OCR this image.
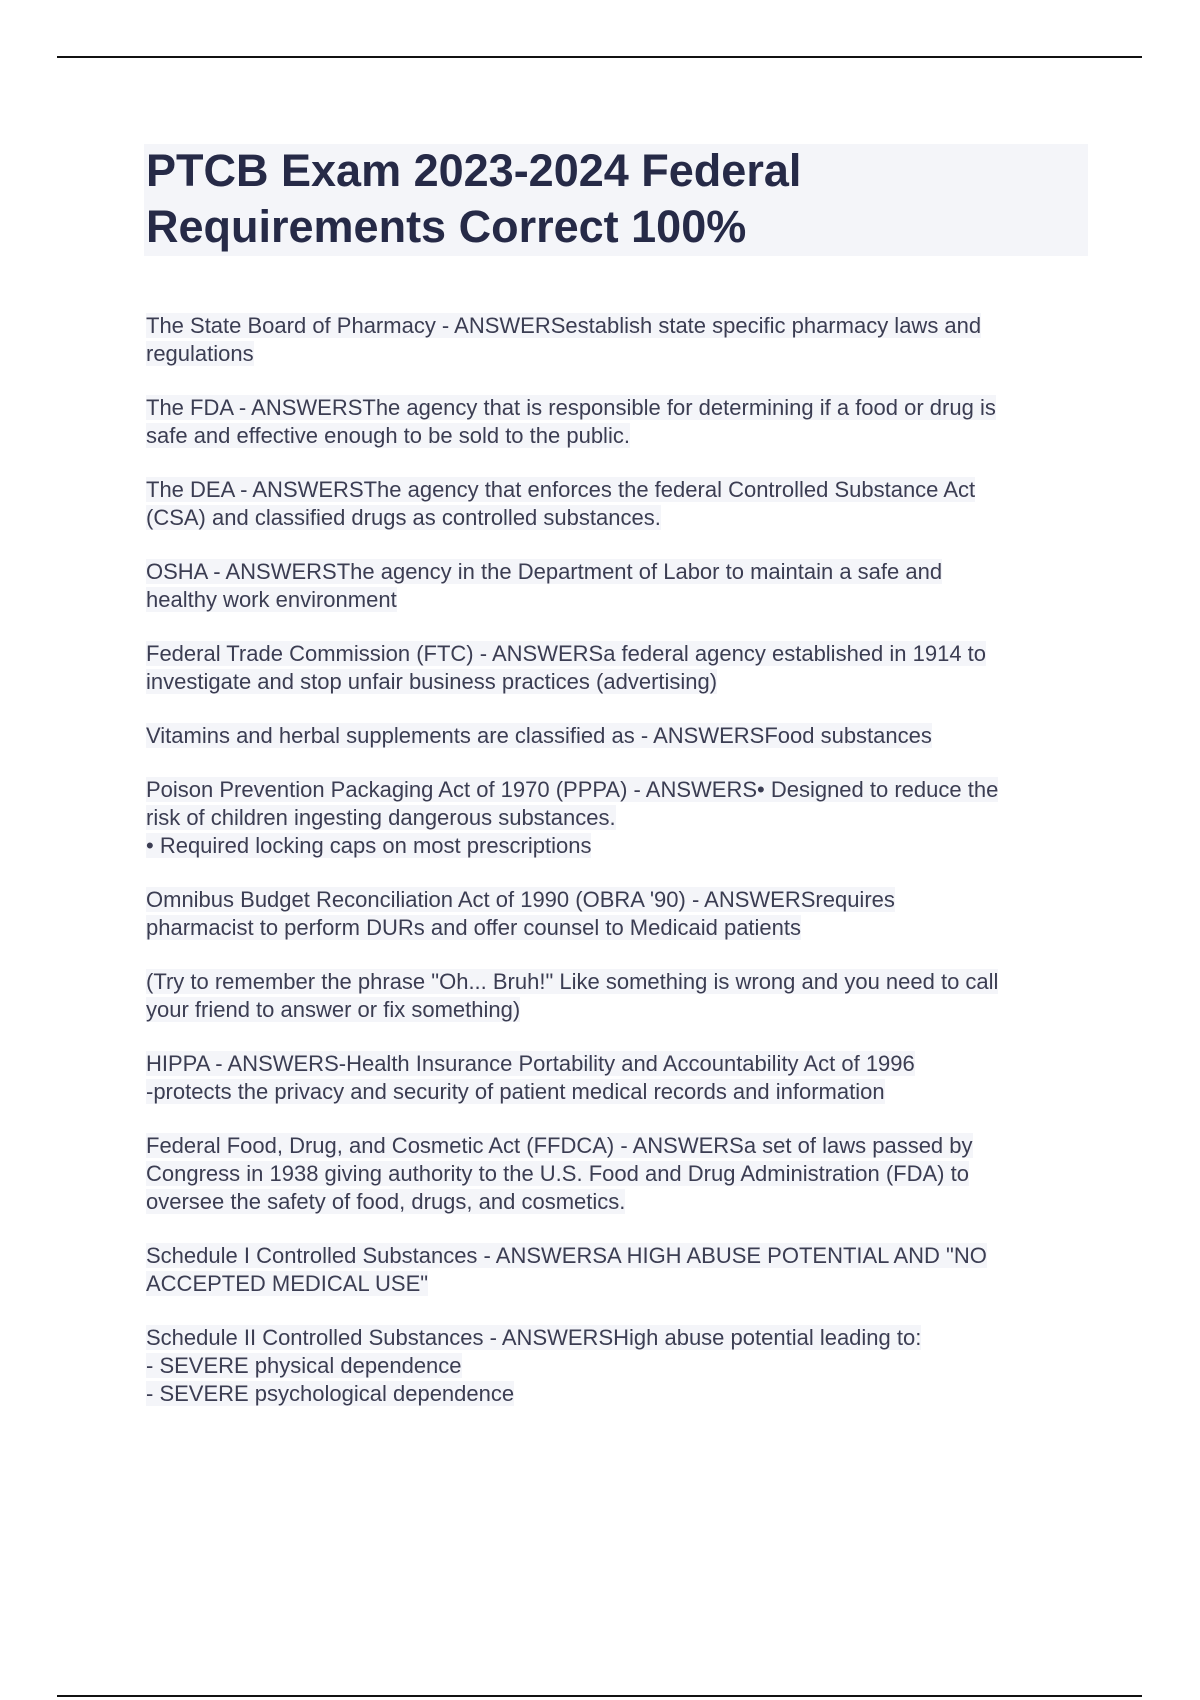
PTCB Exam 2023-2024 Federal
Requirements Correct 100%
The State Board of Pharmacy - ANSWERSestablish state specific pharmacy laws and
regulations
The FDA - ANSWERSThe agency that is responsible for determining if a food or drug is
safe and effective enough to be sold to the public.
The DEA - ANSWERSThe agency that enforces the federal Controlled Substance Act
(CSA) and classified drugs as controlled substances.
OSHA - ANSWERSThe agency in the Department of Labor to maintain a safe and
healthy work environment
Federal Trade Commission (FTC) - ANSWERSa federal agency established in 1914 to
investigate and stop unfair business practices (advertising)
Vitamins and herbal supplements are classified as - ANSWERSFood substances
Poison Prevention Packaging Act of 1970 (PPPA) - ANSWERS• Designed to reduce the
risk of children ingesting dangerous substances.
• Required locking caps on most prescriptions
Omnibus Budget Reconciliation Act of 1990 (OBRA '90) - ANSWERSrequires
pharmacist to perform DURs and offer counsel to Medicaid patients
(Try to remember the phrase "Oh... Bruh!" Like something is wrong and you need to call
your friend to answer or fix something)
HIPPA - ANSWERS-Health Insurance Portability and Accountability Act of 1996
-protects the privacy and security of patient medical records and information
Federal Food, Drug, and Cosmetic Act (FFDCA) - ANSWERSa set of laws passed by
Congress in 1938 giving authority to the U.S. Food and Drug Administration (FDA) to
oversee the safety of food, drugs, and cosmetics.
Schedule I Controlled Substances - ANSWERSA HIGH ABUSE POTENTIAL AND "NO
ACCEPTED MEDICAL USE"
Schedule II Controlled Substances - ANSWERSHigh abuse potential leading to:
- SEVERE physical dependence
- SEVERE psychological dependence
